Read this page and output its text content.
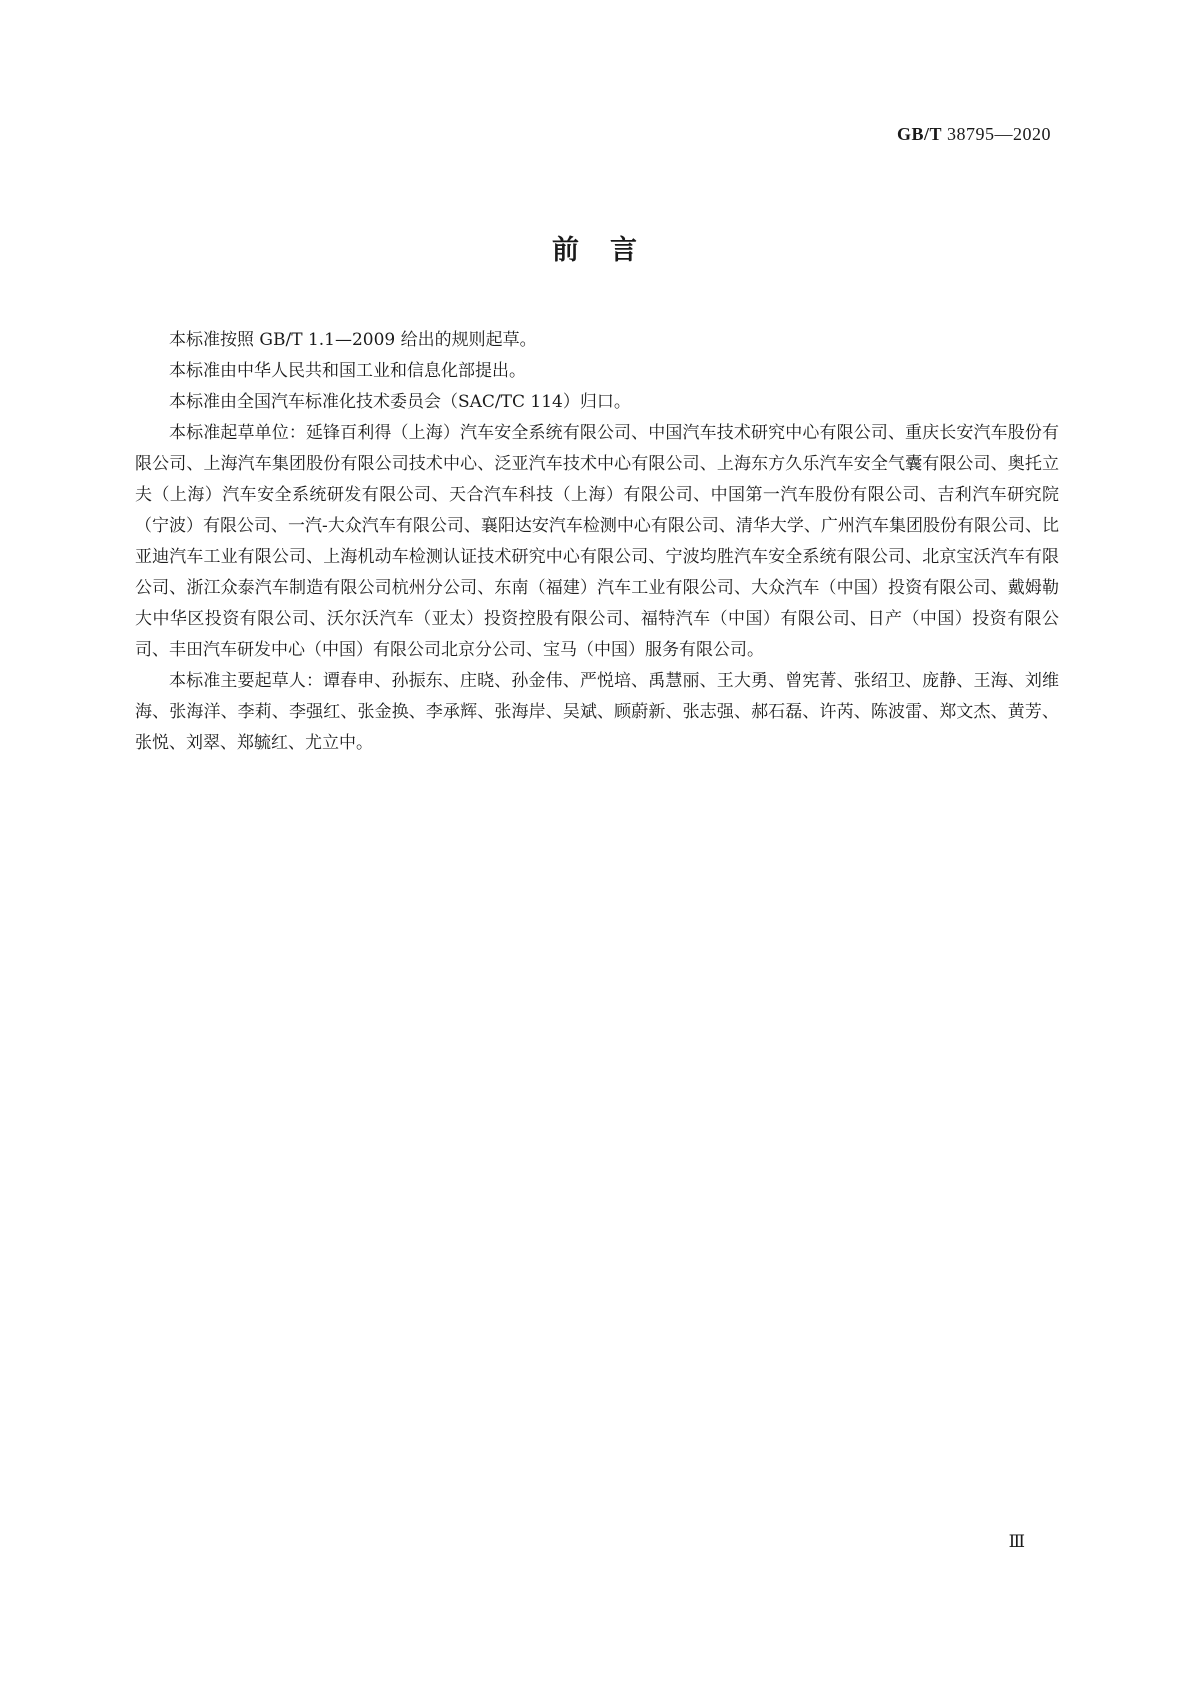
GB/T 38795—2020
前　言

本标准按照 GB/T 1.1—2009 给出的规则起草。

本标准由中华人民共和国工业和信息化部提出。

本标准由全国汽车标准化技术委员会（SAC/TC 114）归口。

本标准起草单位：延锋百利得（上海）汽车安全系统有限公司、中国汽车技术研究中心有限公司、重庆长安汽车股份有限公司、上海汽车集团股份有限公司技术中心、泛亚汽车技术中心有限公司、上海东方久乐汽车安全气囊有限公司、奥托立夫（上海）汽车安全系统研发有限公司、天合汽车科技（上海）有限公司、中国第一汽车股份有限公司、吉利汽车研究院（宁波）有限公司、一汽-大众汽车有限公司、襄阳达安汽车检测中心有限公司、清华大学、广州汽车集团股份有限公司、比亚迪汽车工业有限公司、上海机动车检测认证技术研究中心有限公司、宁波均胜汽车安全系统有限公司、北京宝沃汽车有限公司、浙江众泰汽车制造有限公司杭州分公司、东南（福建）汽车工业有限公司、大众汽车（中国）投资有限公司、戴姆勒大中华区投资有限公司、沃尔沃汽车（亚太）投资控股有限公司、福特汽车（中国）有限公司、日产（中国）投资有限公司、丰田汽车研发中心（中国）有限公司北京分公司、宝马（中国）服务有限公司。

本标准主要起草人：谭春申、孙振东、庄晓、孙金伟、严悦培、禹慧丽、王大勇、曾宪菁、张绍卫、庞静、王海、刘维海、张海洋、李莉、李强红、张金换、李承辉、张海岸、吴斌、顾蔚新、张志强、郝石磊、许芮、陈波雷、郑文杰、黄芳、张悦、刘翠、郑毓红、尤立中。

Ⅲ
